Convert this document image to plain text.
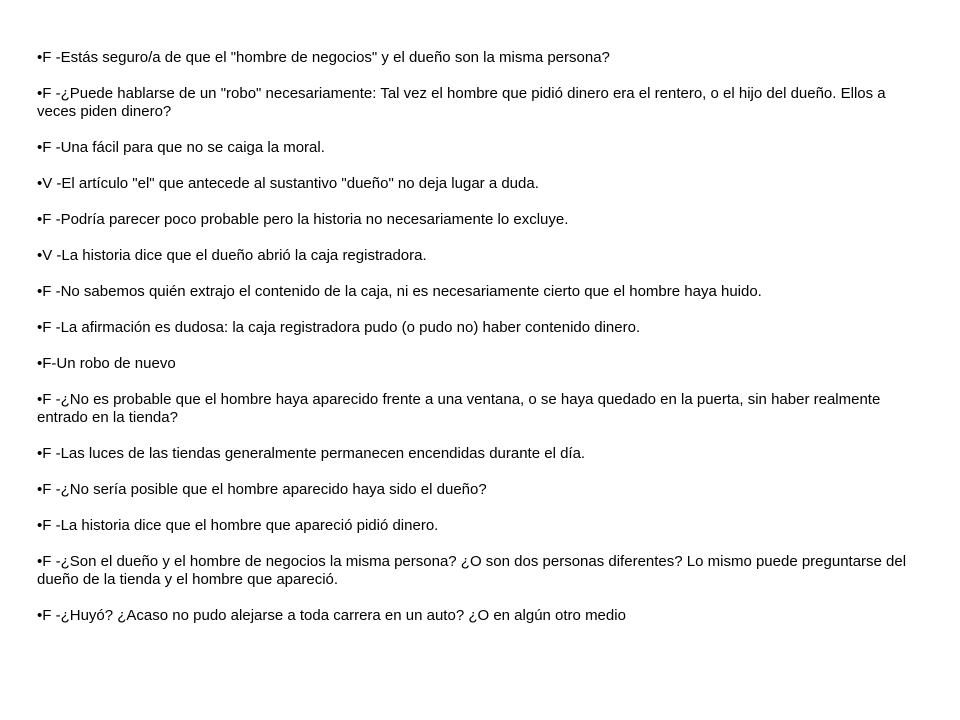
•F -Estás seguro/a de que el "hombre de negocios" y el dueño son la misma persona?

•F -¿Puede hablarse de un "robo" necesariamente: Tal vez el hombre que pidió dinero era el rentero, o el hijo del dueño. Ellos a veces piden dinero?

•F -Una fácil para que no se caiga la moral.

•V -El artículo "el" que antecede al sustantivo "dueño" no deja lugar a duda.

•F -Podría parecer poco probable pero la historia no necesariamente lo excluye.

•V -La historia dice que el dueño abrió la caja registradora.

•F -No sabemos quién extrajo el contenido de la caja, ni es necesariamente cierto que el hombre haya huido.

•F -La afirmación es dudosa: la caja registradora pudo (o pudo no) haber contenido dinero.

•F-Un robo de nuevo

•F -¿No es probable que el hombre haya aparecido frente a una ventana, o se haya quedado en la puerta, sin haber realmente entrado en la tienda?

•F -Las luces de las tiendas generalmente permanecen encendidas durante el día.

•F -¿No sería posible que el hombre aparecido haya sido el dueño?

•F -La historia dice que el hombre que apareció pidió dinero.

•F -¿Son el dueño y el hombre de negocios la misma persona? ¿O son dos personas diferentes? Lo mismo puede preguntarse del dueño de la tienda y el hombre que apareció.

•F -¿Huyó? ¿Acaso no pudo alejarse a toda carrera en un auto? ¿O en algún otro medio
